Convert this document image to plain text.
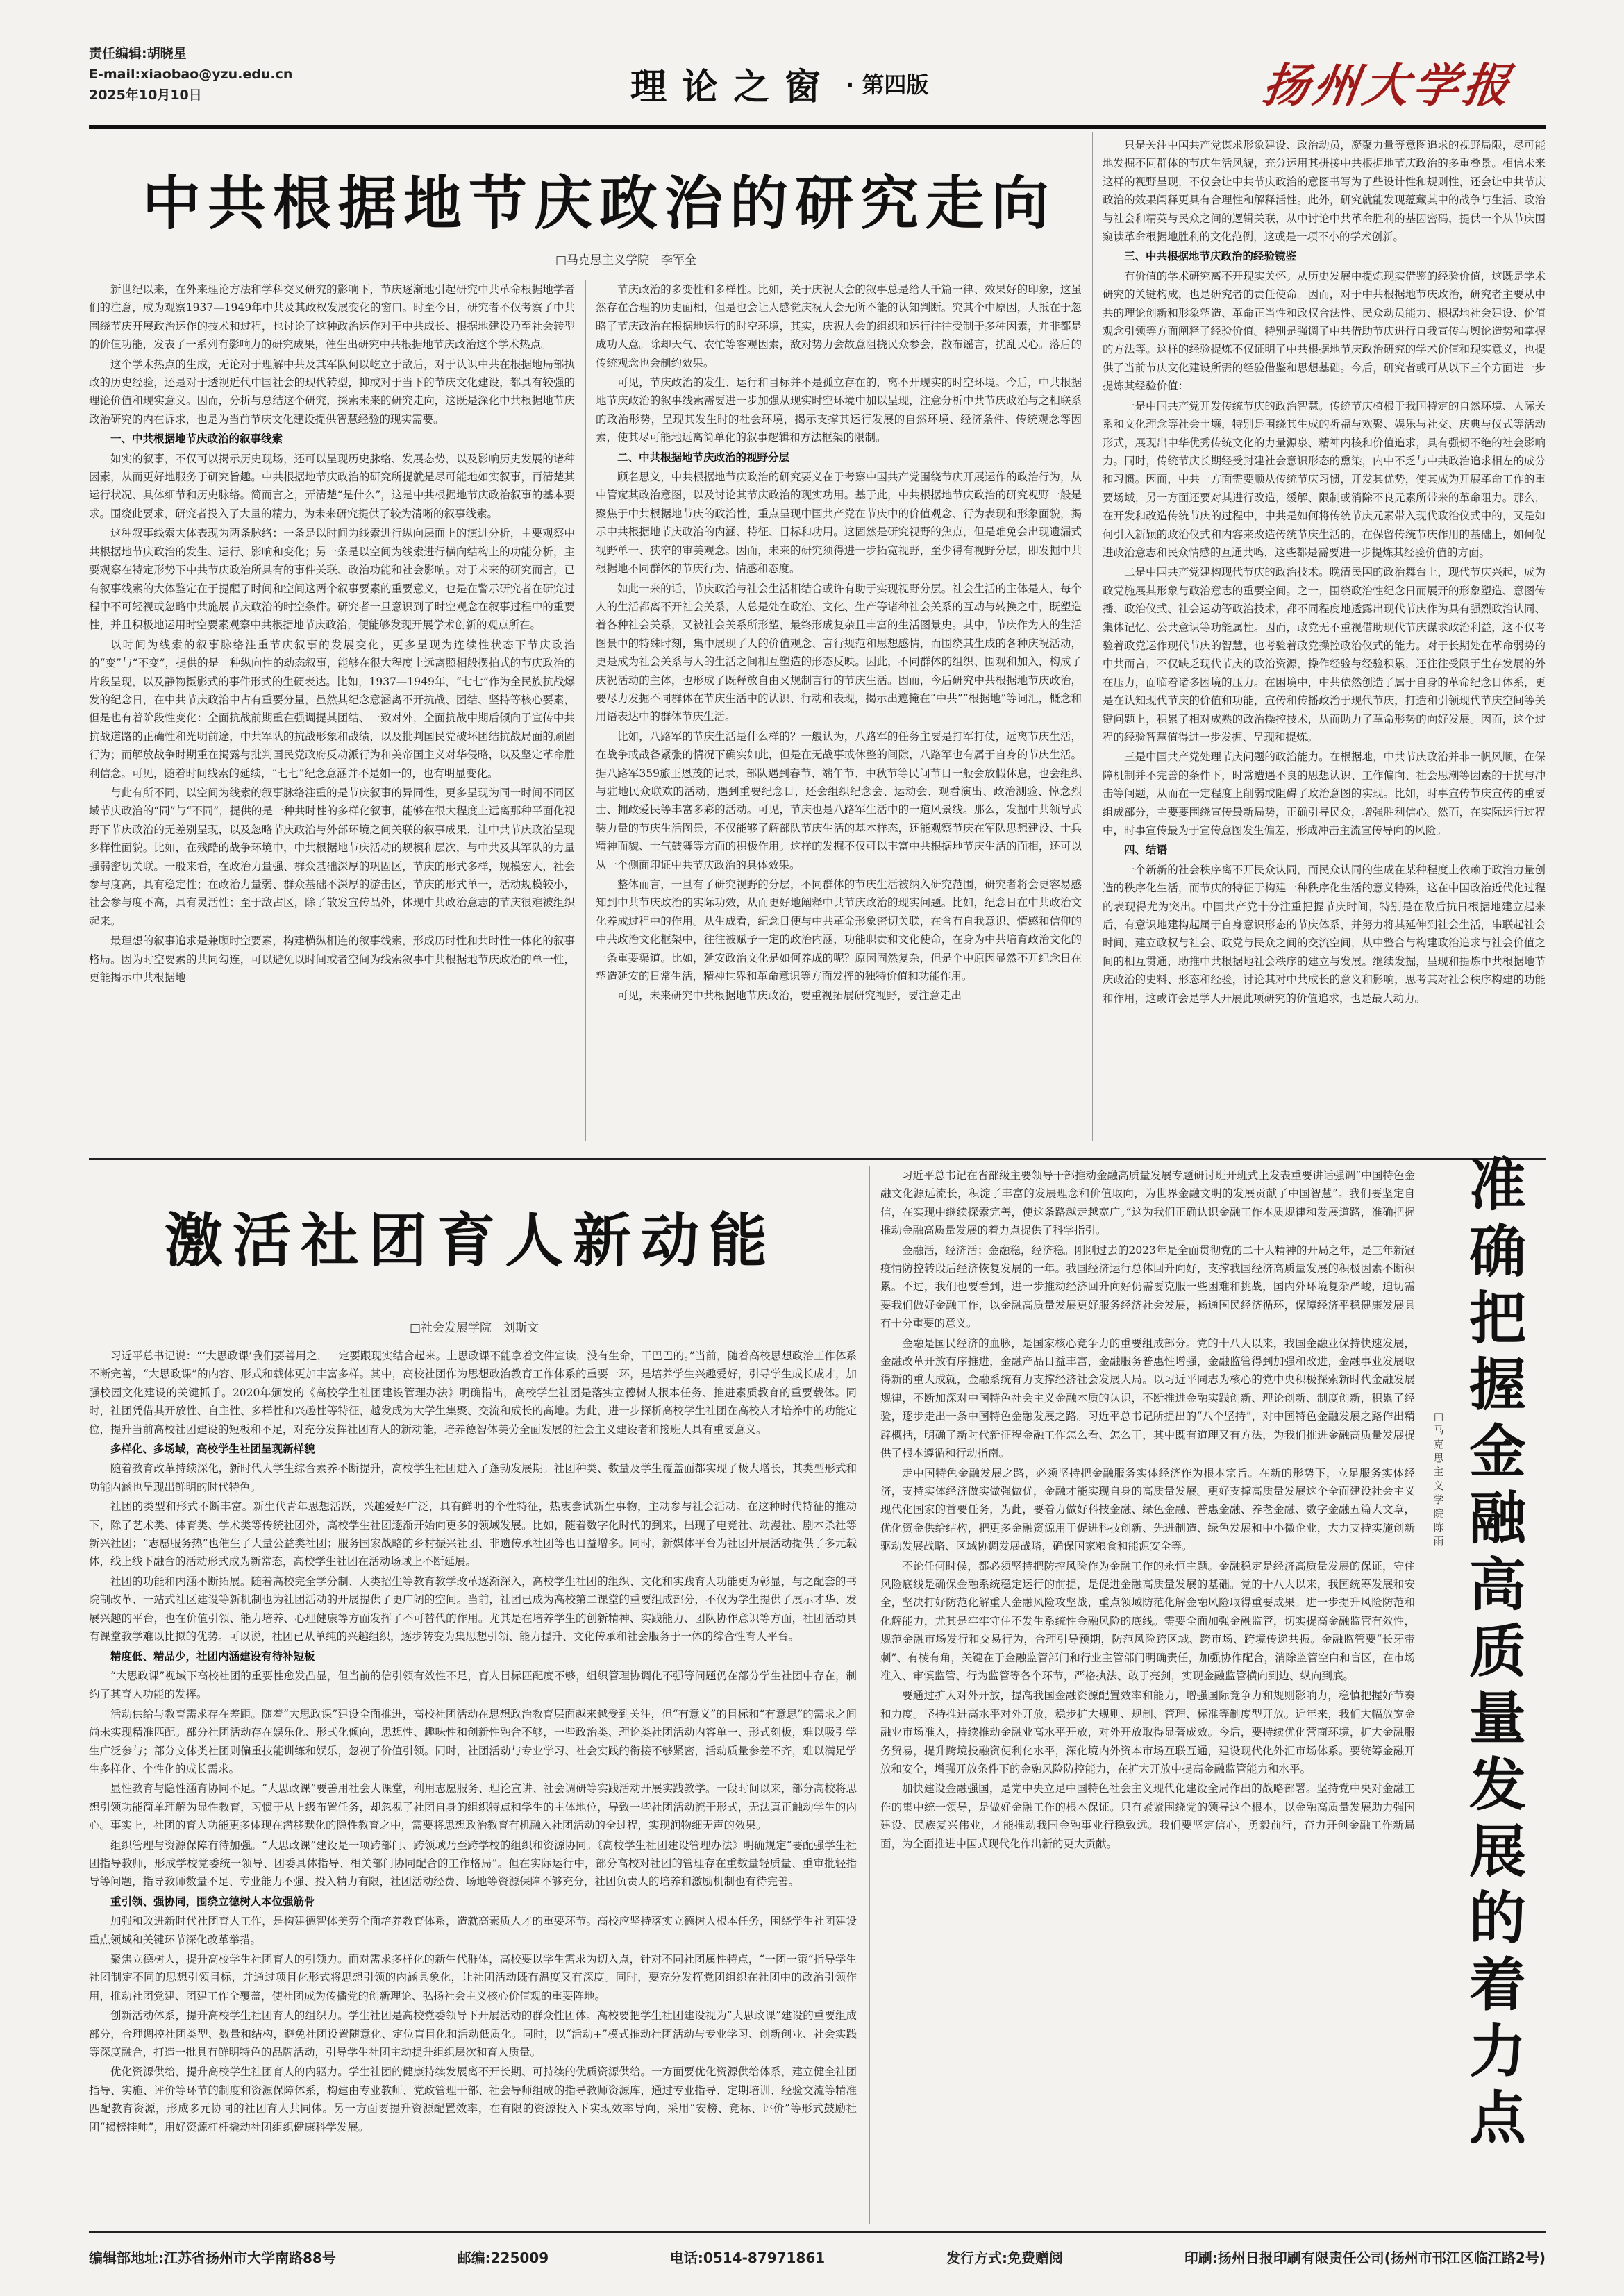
责任编辑:胡晓星
E-mail:xiaobao@yzu.edu.cn
2025年10月10日	理论之窗 · 第四版	扬州大学报
中共根据地节庆政治的研究走向
□马克思主义学院　李军全

新世纪以来，在外来理论方法和学科交叉研究的影响下，节庆逐渐地引起研究中共革命根据地学者们的注意，成为观察1937—1949年中共及其政权发展变化的窗口。时至今日，研究者不仅考察了中共围绕节庆开展政治运作的技术和过程，也讨论了这种政治运作对于中共成长、根据地建设乃至社会转型的价值功能，发表了一系列有影响力的研究成果，催生出研究中共根据地节庆政治这个学术热点。

这个学术热点的生成，无论对于理解中共及其军队何以屹立于敌后，对于认识中共在根据地局部执政的历史经验，还是对于透视近代中国社会的现代转型，抑或对于当下的节庆文化建设，都具有较强的理论价值和现实意义。因而，分析与总结这个研究，探索未来的研究走向，这既是深化中共根据地节庆政治研究的内在诉求，也是为当前节庆文化建设提供智慧经验的现实需要。

一、中共根据地节庆政治的叙事线索

如实的叙事，不仅可以揭示历史现场，还可以呈现历史脉络、发展态势，以及影响历史发展的诸种因素，从而更好地服务于研究旨趣。中共根据地节庆政治的研究所提就是尽可能地如实叙事，再清楚其运行状况、具体细节和历史脉络。简而言之，弄清楚“是什么”，这是中共根据地节庆政治叙事的基本要求。围绕此要求，研究者投入了大量的精力，为未来研究提供了较为清晰的叙事线索。

这种叙事线索大体表现为两条脉络：一条是以时间为线索进行纵向层面上的演进分析，主要观察中共根据地节庆政治的发生、运行、影响和变化；另一条是以空间为线索进行横向结构上的功能分析，主要观察在特定形势下中共节庆政治所具有的事件关联、政治功能和社会影响。对于未来的研究而言，已有叙事线索的大体鉴定在于提醒了时间和空间这两个叙事要素的重要意义，也是在警示研究者在研究过程中不可轻视或忽略中共施展节庆政治的时空条件。研究者一旦意识到了时空观念在叙事过程中的重要性，并且积极地运用时空要素观察中共根据地节庆政治，便能够发现开展学术创新的观点所在。

以时间为线索的叙事脉络注重节庆叙事的发展变化，更多呈现为连续性状态下节庆政治的“变”与“不变”，提供的是一种纵向性的动态叙事，能够在很大程度上远离照相般摆拍式的节庆政治的片段呈现，以及静物摄影式的事件形式的生硬表达。比如，1937—1949年，“七七”作为全民族抗战爆发的纪念日，在中共节庆政治中占有重要分量，虽然其纪念意涵离不开抗战、团结、坚持等核心要素，但是也有着阶段性变化：全面抗战前期重在强调提其团结、一致对外，全面抗战中期后倾向于宣传中共抗战道路的正确性和光明前途，中共军队的抗战形象和战绩，以及批判国民党破坏团结抗战局面的顽固行为；而解放战争时期重在揭露与批判国民党政府反动派行为和美帝国主义对华侵略，以及坚定革命胜利信念。可见，随着时间线索的延续，“七七”纪念意涵并不是如一的，也有明显变化。

与此有所不同，以空间为线索的叙事脉络注重的是节庆叙事的异同性，更多呈现为同一时间不同区域节庆政治的“同”与“不同”，提供的是一种共时性的多样化叙事，能够在很大程度上远离那种平面化视野下节庆政治的无差别呈现，以及忽略节庆政治与外部环境之间关联的叙事成果，让中共节庆政治呈现多样性面貌。比如，在残酷的战争环境中，中共根据地节庆活动的规模和层次，与中共及其军队的力量强弱密切关联。一般来看，在政治力量强、群众基础深厚的巩固区，节庆的形式多样，规模宏大，社会参与度高，具有稳定性；在政治力量弱、群众基础不深厚的游击区，节庆的形式单一，活动规模较小，社会参与度不高，具有灵活性；至于敌占区，除了散发宣传品外，体现中共政治意志的节庆很难被组织起来。

最理想的叙事追求是兼顾时空要素，构建横纵相连的叙事线索，形成历时性和共时性一体化的叙事格局。因为时空要素的共同勾连，可以避免以时间或者空间为线索叙事中共根据地节庆政治的单一性，更能揭示中共根据地

节庆政治的多变性和多样性。比如，关于庆祝大会的叙事总是给人千篇一律、效果好的印象，这虽然存在合理的历史面相，但是也会让人感觉庆祝大会无所不能的认知判断。究其个中原因，大抵在于忽略了节庆政治在根据地运行的时空环境，其实，庆祝大会的组织和运行往往受制于多种因素，并非都是成功人意。除却天气、农忙等客观因素，敌对势力会故意阻挠民众参会，散布谣言，扰乱民心。落后的传统观念也会制约效果。

可见，节庆政治的发生、运行和目标并不是孤立存在的，离不开现实的时空环境。今后，中共根据地节庆政治的叙事线索需要进一步加强从现实时空环境中加以呈现，注意分析中共节庆政治与之相联系的政治形势，呈现其发生时的社会环境，揭示支撑其运行发展的自然环境、经济条件、传统观念等因素，使其尽可能地远离简单化的叙事逻辑和方法框架的限制。

二、中共根据地节庆政治的视野分层

顾名思义，中共根据地节庆政治的研究要义在于考察中国共产党围绕节庆开展运作的政治行为，从中管窥其政治意图，以及讨论其节庆政治的现实功用。基于此，中共根据地节庆政治的研究视野一般是聚焦于中共根据地节庆的政治性，重点呈现中国共产党在节庆中的价值观念、行为表现和形象面貌，揭示中共根据地节庆政治的内涵、特征、目标和功用。这固然是研究视野的焦点，但是难免会出现遗漏式视野单一、狭窄的审美观念。因而，未来的研究须得进一步拓宽视野，至少得有视野分层，即发掘中共根据地不同群体的节庆行为、情感和态度。

如此一来的话，节庆政治与社会生活相结合或许有助于实现视野分层。社会生活的主体是人，每个人的生活都离不开社会关系，人总是处在政治、文化、生产等诸种社会关系的互动与转换之中，既塑造着各种社会关系，又被社会关系所形塑，最终形成复杂且丰富的生活图景史。其中，节庆作为人的生活图景中的特殊时刻，集中展现了人的价值观念、言行规范和思想感情，而围绕其生成的各种庆祝活动，更是成为社会关系与人的生活之间相互塑造的形态反映。因此，不同群体的组织、围观和加入，构成了庆祝活动的主体，也形成了既释放自由又规制言行的节庆生活。因而，今后研究中共根据地节庆政治，要尽力发掘不同群体在节庆生活中的认识、行动和表现，揭示出遮掩在“中共”“根据地”等词汇，概念和用语表达中的群体节庆生活。

比如，八路军的节庆生活是什么样的？一般认为，八路军的任务主要是打军打仗，远离节庆生活，在战争或战备紧张的情况下确实如此，但是在无战事或休整的间隙，八路军也有属于自身的节庆生活。据八路军359旅王恩茂的记录，部队遇到春节、端午节、中秋节等民间节日一般会放假休息，也会组织与驻地民众联欢的活动，遇到重要纪念日，还会组织纪念会、运动会、观看演出、政治测验、悼念烈士、拥政爱民等丰富多彩的活动。可见，节庆也是八路军生活中的一道风景线。那么，发掘中共领导武装力量的节庆生活图景，不仅能够了解部队节庆生活的基本样态，还能观察节庆在军队思想建设、士兵精神面貌、士气鼓舞等方面的积极作用。这样的发掘不仅可以丰富中共根据地节庆生活的面相，还可以从一个侧面印证中共节庆政治的具体效果。

整体而言，一旦有了研究视野的分层，不同群体的节庆生活被纳入研究范围，研究者将会更容易感知到中共节庆政治的实际功效，从而更好地阐释中共节庆政治的现实问题。比如，纪念日在中共政治文化养成过程中的作用。从生成看，纪念日便与中共革命形象密切关联，在含有自我意识、情感和信仰的中共政治文化框架中，往往被赋予一定的政治内涵，功能职责和文化使命，在身为中共培育政治文化的一条重要渠道。比如，延安政治文化是如何养成的呢？原因固然复杂，但是个中原因显然不开纪念日在塑造延安的日常生活，精神世界和革命意识等方面发挥的独特价值和功能作用。

可见，未来研究中共根据地节庆政治，要重视拓展研究视野，要注意走出

只是关注中国共产党谋求形象建设、政治动员，凝聚力量等意图追求的视野局限，尽可能地发掘不同群体的节庆生活风貌，充分运用其拼接中共根据地节庆政治的多重叠景。相信未来这样的视野呈现，不仅会让中共节庆政治的意图书写为了些设计性和规则性，还会让中共节庆政治的效果阐释更具有合理性和解释活性。此外，研究就能发现蕴藏其中的战争与生活、政治与社会和精英与民众之间的逻辑关联，从中讨论中共革命胜利的基因密码，提供一个从节庆围窥读革命根据地胜利的文化范例，这或是一项不小的学术创新。

三、中共根据地节庆政治的经验镜鉴

有价值的学术研究离不开现实关怀。从历史发展中提炼现实借鉴的经验价值，这既是学术研究的关键构成，也是研究者的责任使命。因而，对于中共根据地节庆政治，研究者主要从中共的理论创新和形象塑造、革命正当性和政权合法性、民众动员能力、根据地社会建设、价值观念引领等方面阐释了经验价值。特别是强调了中共借助节庆进行自我宣传与舆论造势和掌握的方法等。这样的经验提炼不仅证明了中共根据地节庆政治研究的学术价值和现实意义，也提供了当前节庆文化建设所需的经验借鉴和思想基础。今后，研究者或可从以下三个方面进一步提炼其经验价值：

一是中国共产党开发传统节庆的政治智慧。传统节庆植根于我国特定的自然环境、人际关系和文化理念等社会土壤，特别是围绕其生成的祈福与欢聚、娱乐与社交、庆典与仪式等活动形式，展现出中华优秀传统文化的力量源泉、精神内核和价值追求，具有强韧不绝的社会影响力。同时，传统节庆长期经受封建社会意识形态的熏染，内中不乏与中共政治追求相左的成分和习惯。因而，中共一方面需要顺从传统节庆习惯，开发其优势，使其成为开展革命工作的重要场域，另一方面还要对其进行改造，缓解、限制或消除不良元素所带来的革命阻力。那么，在开发和改造传统节庆的过程中，中共是如何将传统节庆元素带入现代政治仪式中的，又是如何引入新颖的政治仪式和内容来改造传统节庆生活的，在保留传统节庆作用的基础上，如何促进政治意志和民众情感的互通共鸣，这些都是需要进一步提炼其经验价值的方面。

二是中国共产党建构现代节庆的政治技术。晚清民国的政治舞台上，现代节庆兴起，成为政党施展其形象与政治意志的重要空间。之一，围绕政治性纪念日而展开的形象塑造、意图传播、政治仪式、社会运动等政治技术，都不同程度地透露出现代节庆作为具有强烈政治认同、集体记忆、公共意识等功能属性。因而，政党无不重视借助现代节庆谋求政治利益，这不仅考验着政党运作现代节庆的智慧，也考验着政党操控政治仪式的能力。对于长期处在革命弱势的中共而言，不仅缺乏现代节庆的政治资源，操作经验与经验积累，还往往受限于生存发展的外在压力，面临着诸多困境的压力。在困境中，中共依然创造了属于自身的革命纪念日体系，更是在认知现代节庆的价值和功能，宣传和传播政治于现代节庆，打造和引领现代节庆空间等关键问题上，积累了相对成熟的政治操控技术，从而助力了革命形势的向好发展。因而，这个过程的经验智慧值得进一步发掘、呈现和提炼。

三是中国共产党处理节庆问题的政治能力。在根据地，中共节庆政治并非一帆风顺，在保障机制并不完善的条件下，时常遭遇不良的思想认识、工作偏向、社会思潮等因素的干扰与冲击等问题，从而在一定程度上削弱或阻碍了政治意图的实现。比如，时事宣传节庆宣传的重要组成部分，主要要围绕宣传最新局势，正确引导民众，增强胜利信心。然而，在实际运行过程中，时事宣传最为于宣传意图发生偏差，形成冲击主流宣传导向的风险。

四、结语

一个新新的社会秩序离不开民众认同，而民众认同的生成在某种程度上依赖于政治力量创造的秩序化生活，而节庆的特征于构建一种秩序化生活的意义特殊，这在中国政治近代化过程的表现得尤为突出。中国共产党十分注重把握节庆时间，特别是在敌后抗日根据地建立起来后，有意识地建构起属于自身意识形态的节庆体系，并努力将其延伸到社会生活，串联起社会时间，建立政权与社会、政党与民众之间的交流空间，从中整合与构建政治追求与社会价值之间的相互贯通，助推中共根据地社会秩序的建立与发展。继续发掘，呈现和提炼中共根据地节庆政治的史料、形态和经验，讨论其对中共成长的意义和影响，思考其对社会秩序构建的功能和作用，这或许会是学人开展此项研究的价值追求，也是最大动力。

激活社团育人新动能
□社会发展学院　刘斯文

习近平总书记说：“‘大思政课’我们要善用之，一定要跟现实结合起来。上思政课不能拿着文件宣读，没有生命，干巴巴的。”当前，随着高校思想政治工作体系不断完善，“大思政课”的内容、形式和载体更加丰富多样。其中，高校社团作为思想政治教育工作体系的重要一环，是培养学生兴趣爱好，引导学生成长成才，加强校园文化建设的关键抓手。2020年颁发的《高校学生社团建设管理办法》明确指出，高校学生社团是落实立德树人根本任务、推进素质教育的重要载体。同时，社团凭借其开放性、自主性、多样性和兴趣性等特征，越发成为大学生集聚、交流和成长的高地。为此，进一步探析高校学生社团在高校人才培养中的功能定位，提升当前高校社团建设的短板和不足，对充分发挥社团育人的新动能，培养德智体美劳全面发展的社会主义建设者和接班人具有重要意义。

多样化、多场域，高校学生社团呈现新样貌

随着教育改革持续深化，新时代大学生综合素养不断提升，高校学生社团进入了蓬勃发展期。社团种类、数量及学生覆盖面都实现了极大增长，其类型形式和功能内涵也呈现出鲜明的时代特色。

社团的类型和形式不断丰富。新生代青年思想活跃，兴趣爱好广泛，具有鲜明的个性特征，热衷尝试新生事物，主动参与社会活动。在这种时代特征的推动下，除了艺术类、体育类、学术类等传统社团外，高校学生社团逐渐开始向更多的领域发展。比如，随着数字化时代的到来，出现了电竞社、动漫社、剧本杀社等新兴社团；“志愿服务热”也催生了大量公益类社团；服务国家战略的乡村振兴社团、非遗传承社团等也日益增多。同时，新媒体平台为社团开展活动提供了多元载体，线上线下融合的活动形式成为新常态，高校学生社团在活动场域上不断延展。

社团的功能和内涵不断拓展。随着高校完全学分制、大类招生等教育教学改革逐渐深入，高校学生社团的组织、文化和实践育人功能更为彰显，与之配套的书院制改革、一站式社区建设等新机制也为社团活动的开展提供了更广阔的空间。当前，社团已成为高校第二课堂的重要组成部分，不仅为学生提供了展示才华、发展兴趣的平台，也在价值引领、能力培养、心理健康等方面发挥了不可替代的作用。尤其是在培养学生的创新精神、实践能力、团队协作意识等方面，社团活动具有课堂教学难以比拟的优势。可以说，社团已从单纯的兴趣组织，逐步转变为集思想引领、能力提升、文化传承和社会服务于一体的综合性育人平台。

精度低、精品少，社团内涵建设有待补短板

“大思政课”视域下高校社团的重要性愈发凸显，但当前的信引领有效性不足，育人目标匹配度不够，组织管理协调化不强等问题仍在部分学生社团中存在，制约了其育人功能的发挥。

活动供给与教育需求存在差距。随着“大思政课”建设全面推进，高校社团活动在思想政治教育层面越来越受到关注，但“有意义”的目标和“有意思”的需求之间尚未实现精准匹配。部分社团活动存在娱乐化、形式化倾向，思想性、趣味性和创新性融合不够，一些政治类、理论类社团活动内容单一、形式刻板，难以吸引学生广泛参与；部分文体类社团则偏重技能训练和娱乐，忽视了价值引领。同时，社团活动与专业学习、社会实践的衔接不够紧密，活动质量参差不齐，难以满足学生多样化、个性化的成长需求。

显性教育与隐性涵育协同不足。“大思政课”要善用社会大课堂，利用志愿服务、理论宣讲、社会调研等实践活动开展实践教学。一段时间以来，部分高校将思想引领功能简单理解为显性教育，习惯于从上级布置任务，却忽视了社团自身的组织特点和学生的主体地位，导致一些社团活动流于形式，无法真正触动学生的内心。事实上，社团的育人功能更多体现在潜移默化的隐性教育之中，需要将思想政治教育有机融入社团活动的全过程，实现润物细无声的效果。

组织管理与资源保障有待加强。“大思政课”建设是一项跨部门、跨领域乃至跨学校的组织和资源协同。《高校学生社团建设管理办法》明确规定“要配强学生社团指导教师，形成学校党委统一领导、团委具体指导、相关部门协同配合的工作格局”。但在实际运行中，部分高校对社团的管理存在重数量轻质量、重审批轻指导等问题，指导教师数量不足、专业能力不强、投入精力有限，社团活动经费、场地等资源保障不够充分，社团负责人的培养和激励机制也有待完善。

重引领、强协同，围绕立德树人本位强筋骨

加强和改进新时代社团育人工作，是构建德智体美劳全面培养教育体系，造就高素质人才的重要环节。高校应坚持落实立德树人根本任务，围绕学生社团建设重点领域和关键环节深化改革举措。

聚焦立德树人，提升高校学生社团育人的引领力。面对需求多样化的新生代群体，高校要以学生需求为切入点，针对不同社团属性特点，“一团一策”指导学生社团制定不同的思想引领目标，并通过项目化形式将思想引领的内涵具象化，让社团活动既有温度又有深度。同时，要充分发挥党团组织在社团中的政治引领作用，推动社团党建、团建工作全覆盖，使社团成为传播党的创新理论、弘扬社会主义核心价值观的重要阵地。

创新活动体系，提升高校学生社团育人的组织力。学生社团是高校党委领导下开展活动的群众性团体。高校要把学生社团建设视为“大思政课”建设的重要组成部分，合理调控社团类型、数量和结构，避免社团设置随意化、定位盲目化和活动低质化。同时，以“活动+”模式推动社团活动与专业学习、创新创业、社会实践等深度融合，打造一批具有鲜明特色的品牌活动，引导学生社团主动提升组织层次和育人质量。

优化资源供给，提升高校学生社团育人的内驱力。学生社团的健康持续发展离不开长期、可持续的优质资源供给。一方面要优化资源供给体系，建立健全社团指导、实施、评价等环节的制度和资源保障体系，构建由专业教师、党政管理干部、社会导师组成的指导教师资源库，通过专业指导、定期培训、经验交流等精准匹配教育资源，形成多元协同的社团育人共同体。另一方面要提升资源配置效率，在有限的资源投入下实现效率导向，采用“安榜、竞标、评价”等形式鼓励社团“揭榜挂帅”，用好资源杠杆撬动社团组织健康科学发展。

习近平总书记在省部级主要领导干部推动金融高质量发展专题研讨班开班式上发表重要讲话强调“中国特色金融文化源远流长，积淀了丰富的发展理念和价值取向，为世界金融文明的发展贡献了中国智慧”。我们要坚定自信，在实现中继续探索完善，使这条路越走越宽广。”这为我们正确认识金融工作本质规律和发展道路，准确把握推动金融高质量发展的着力点提供了科学指引。

金融活，经济活；金融稳，经济稳。刚刚过去的2023年是全面贯彻党的二十大精神的开局之年，是三年新冠疫情防控转段后经济恢复发展的一年。我国经济运行总体回升向好，支撑我国经济高质量发展的积极因素不断积累。不过，我们也要看到，进一步推动经济回升向好仍需要克服一些困难和挑战，国内外环境复杂严峻，迫切需要我们做好金融工作，以金融高质量发展更好服务经济社会发展，畅通国民经济循环，保障经济平稳健康发展具有十分重要的意义。

金融是国民经济的血脉，是国家核心竞争力的重要组成部分。党的十八大以来，我国金融业保持快速发展，金融改革开放有序推进，金融产品日益丰富，金融服务普惠性增强，金融监管得到加强和改进，金融事业发展取得新的重大成就，金融系统有力支撑经济社会发展大局。以习近平同志为核心的党中央积极探索新时代金融发展规律，不断加深对中国特色社会主义金融本质的认识，不断推进金融实践创新、理论创新、制度创新，积累了经验，逐步走出一条中国特色金融发展之路。习近平总书记所提出的“八个坚持”，对中国特色金融发展之路作出精辟概括，明确了新时代新征程金融工作怎么看、怎么干，其中既有道理又有方法，为我们推进金融高质量发展提供了根本遵循和行动指南。

走中国特色金融发展之路，必须坚持把金融服务实体经济作为根本宗旨。在新的形势下，立足服务实体经济，支持实体经济做实做强做优，金融才能实现自身的高质量发展。更好支撑高质量发展这个全面建设社会主义现代化国家的首要任务，为此，要着力做好科技金融、绿色金融、普惠金融、养老金融、数字金融五篇大文章，优化资金供给结构，把更多金融资源用于促进科技创新、先进制造、绿色发展和中小微企业，大力支持实施创新驱动发展战略、区域协调发展战略，确保国家粮食和能源安全等。

不论任何时候，都必须坚持把防控风险作为金融工作的永恒主题。金融稳定是经济高质量发展的保证，守住风险底线是确保金融系统稳定运行的前提，是促进金融高质量发展的基础。党的十八大以来，我国统筹发展和安全，坚决打好防范化解重大金融风险攻坚战，重点领域防范化解金融风险取得重要成果。进一步提升风险防范和化解能力，尤其是牢牢守住不发生系统性金融风险的底线。需要全面加强金融监管，切实提高金融监管有效性，规范金融市场发行和交易行为，合理引导预期，防范风险跨区域、跨市场、跨境传递共振。金融监管要“长牙带刺”、有棱有角，关键在于金融监管部门和行业主管部门明确责任，加强协作配合，消除监管空白和盲区，在市场准入、审慎监管、行为监管等各个环节，严格执法、敢于亮剑，实现金融监管横向到边、纵向到底。

要通过扩大对外开放，提高我国金融资源配置效率和能力，增强国际竞争力和规则影响力，稳慎把握好节奏和力度。坚持推进高水平对外开放，稳步扩大规则、规制、管理、标准等制度型开放。近年来，我们大幅放宽金融业市场准入，持续推动金融业高水平开放，对外开放取得显著成效。今后，要持续优化营商环境，扩大金融服务贸易，提升跨境投融资便利化水平，深化境内外资本市场互联互通，建设现代化外汇市场体系。要统筹金融开放和安全，增强开放条件下的金融风险防控能力，在扩大开放中提高金融监管能力和水平。

加快建设金融强国，是党中央立足中国特色社会主义现代化建设全局作出的战略部署。坚持党中央对金融工作的集中统一领导，是做好金融工作的根本保证。只有紧紧围绕党的领导这个根本，以金融高质量发展助力强国建设、民族复兴伟业，才能推动我国金融事业行稳致远。我们要坚定信心，勇毅前行，奋力开创金融工作新局面，为全面推进中国式现代化作出新的更大贡献。

□马克思主义学院　陈雨
准确把握金融高质量发展的着力点
编辑部地址:江苏省扬州市大学南路88号	邮编:225009	电话:0514-87971861	发行方式:免费赠阅	印刷:扬州日报印刷有限责任公司(扬州市邗江区临江路2号)
